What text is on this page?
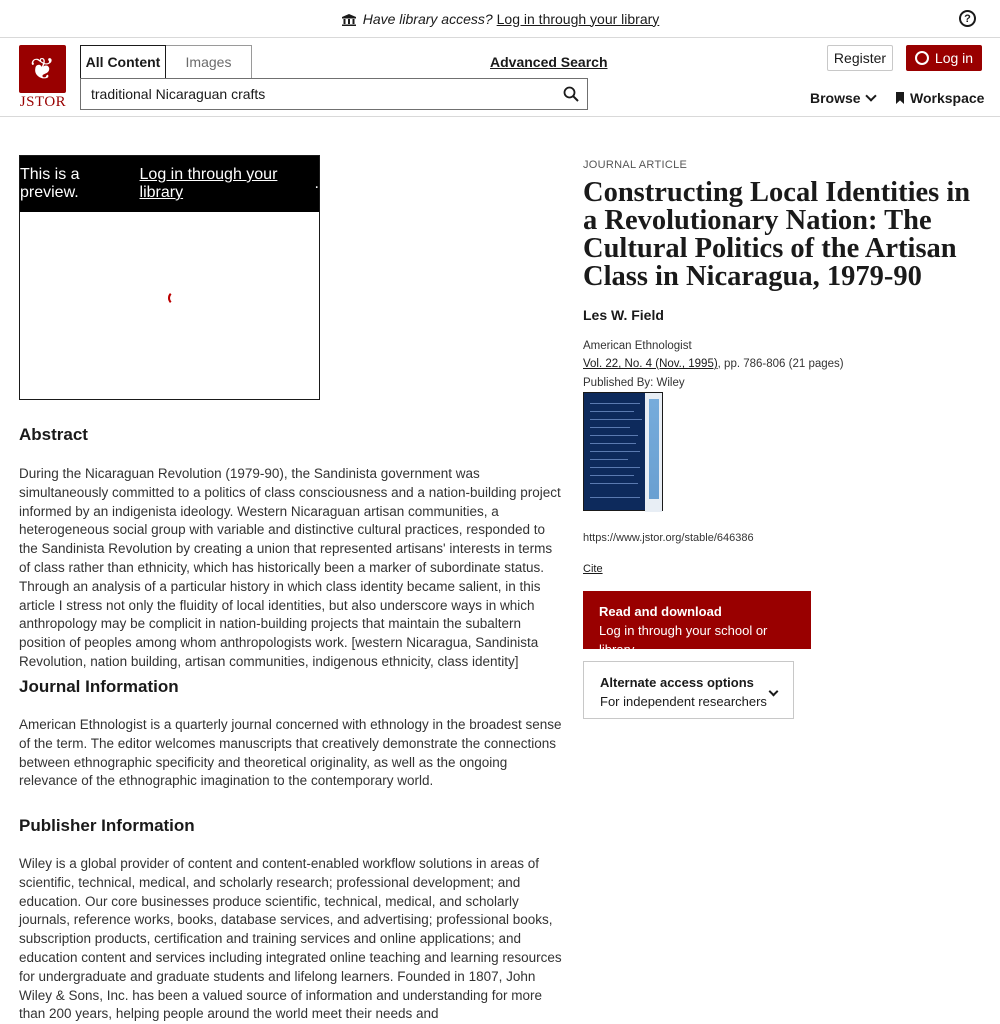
Have library access? Log in through your library	?
❦
JSTOR
All Content	Images	Advanced Search
traditional Nicaraguan crafts	Register	Log in
Browse	Workspace
This is a preview.
Log in through your library
.
Abstract

During the Nicaraguan Revolution (1979-90), the Sandinista government was simultaneously committed to a politics of class consciousness and a nation-building project informed by an indigenista ideology. Western Nicaraguan artisan communities, a heterogeneous social group with variable and distinctive cultural practices, responded to the Sandinista Revolution by creating a union that represented artisans' interests in terms of class rather than ethnicity, which has historically been a marker of subordinate status. Through an analysis of a particular history in which class identity became salient, in this article I stress not only the fluidity of local identities, but also underscore ways in which anthropology may be complicit in nation-building projects that maintain the subaltern position of peoples among whom anthropologists work. [western Nicaragua, Sandinista Revolution, nation building, artisan communities, indigenous ethnicity, class identity]

Journal Information

American Ethnologist is a quarterly journal concerned with ethnology in the broadest sense of the term. The editor welcomes manuscripts that creatively demonstrate the connections between ethnographic specificity and theoretical originality, as well as the ongoing relevance of the ethnographic imagination to the contemporary world.

Publisher Information

Wiley is a global provider of content and content-enabled workflow solutions in areas of scientific, technical, medical, and scholarly research; professional development; and education. Our core businesses produce scientific, technical, medical, and scholarly journals, reference works, books, database services, and advertising; professional books, subscription products, certification and training services and online applications; and education content and services including integrated online teaching and learning resources for undergraduate and graduate students and lifelong learners. Founded in 1807, John Wiley & Sons, Inc. has been a valued source of information and understanding for more than 200 years, helping people around the world meet their needs and

JOURNAL ARTICLE
Constructing Local Identities in a Revolutionary Nation: The Cultural Politics of the Artisan Class in Nicaragua, 1979-90
Les W. Field
American Ethnologist
Vol. 22, No. 4 (Nov., 1995), pp. 786-806 (21 pages)
Published By: Wiley
https://www.jstor.org/stable/646386
Cite
Read and download
Log in through your school or library
Alternate access options
For independent researchers
